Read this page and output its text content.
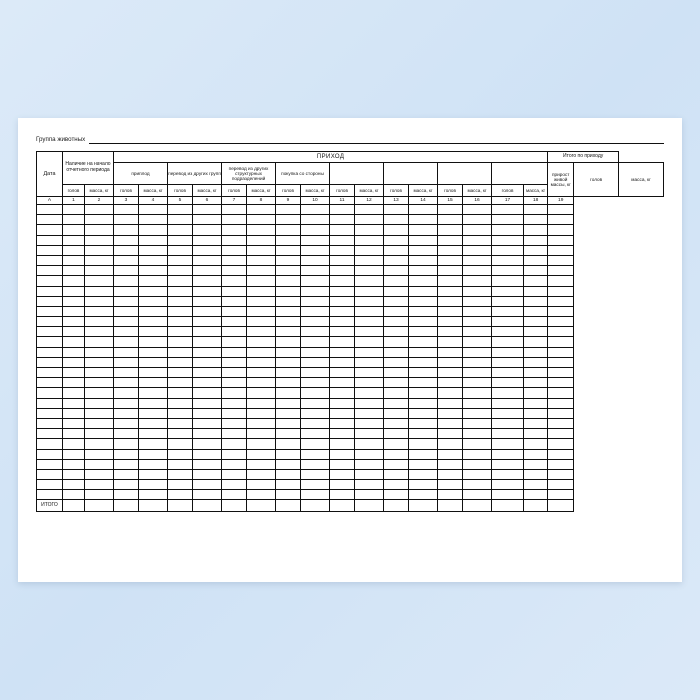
Группа животных
Дата	Наличие на начало отчетного периода		ПРИХОД																Итого по приходу		
			приплод		перевод из других групп		перевод из других структурных подразделений		покупка со стороны										прирост живой массы, кг	голов	масса, кг
	голов	масса, кг	голов	масса, кг	голов	масса, кг	голов	масса, кг	голов	масса, кг	голов	масса, кг	голов	масса, кг	голов	масса, кг	голов	масса, кг			
А	1	2	3	4	5	6	7	8	9	10	11	12	13	14	15	16	17	18	19		

ИТОГО																					
